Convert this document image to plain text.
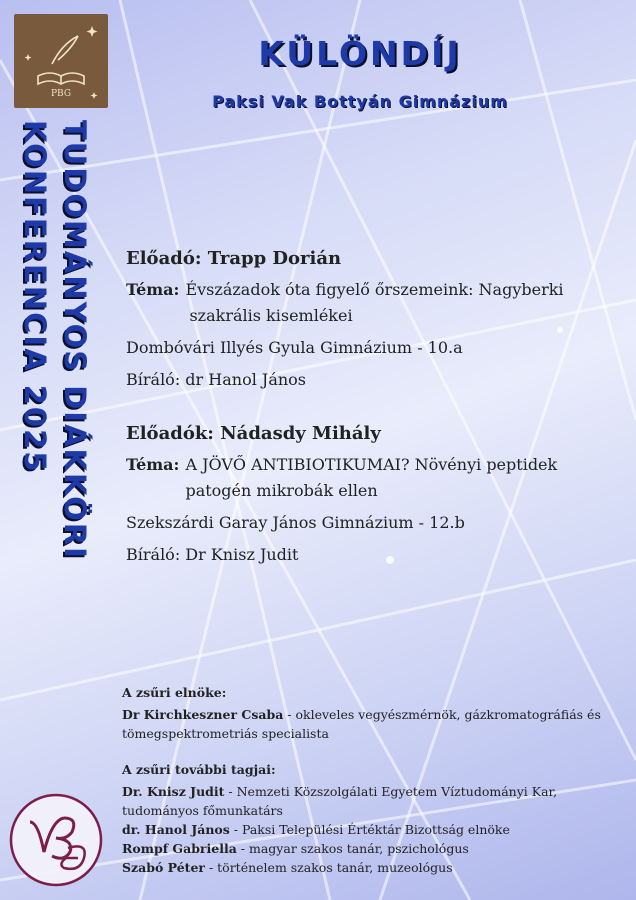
PBG
KÜLÖNDÍJ
Paksi Vak Bottyán Gimnázium
TUDOMÁNYOS DIÁKKÖRI
KONFERENCIA 2025	Előadó: Trapp Dorián
Téma: Évszázadok óta figyelő őrszemeink: Nagyberki
szakrális kisemlékei
Dombóvári Illyés Gyula Gimnázium - 10.a
Bíráló: dr Hanol János
Előadók: Nádasdy Mihály
Téma: A JÖVŐ ANTIBIOTIKUMAI? Növényi peptidek
patogén mikrobák ellen
Szekszárdi Garay János Gimnázium - 12.b
Bíráló: Dr Knisz Judit
A zsűri elnöke:
Dr Kirchkeszner Csaba - okleveles vegyészmérnök, gázkromatográfiás és tömegspektrometriás specialista
A zsűri további tagjai:
Dr. Knisz Judit - Nemzeti Közszolgálati Egyetem Víztudományi Kar, tudományos főmunkatárs
dr. Hanol János - Paksi Települési Értéktár Bizottság elnöke
Rompf Gabriella - magyar szakos tanár, pszichológus
Szabó Péter - történelem szakos tanár, muzeológus
